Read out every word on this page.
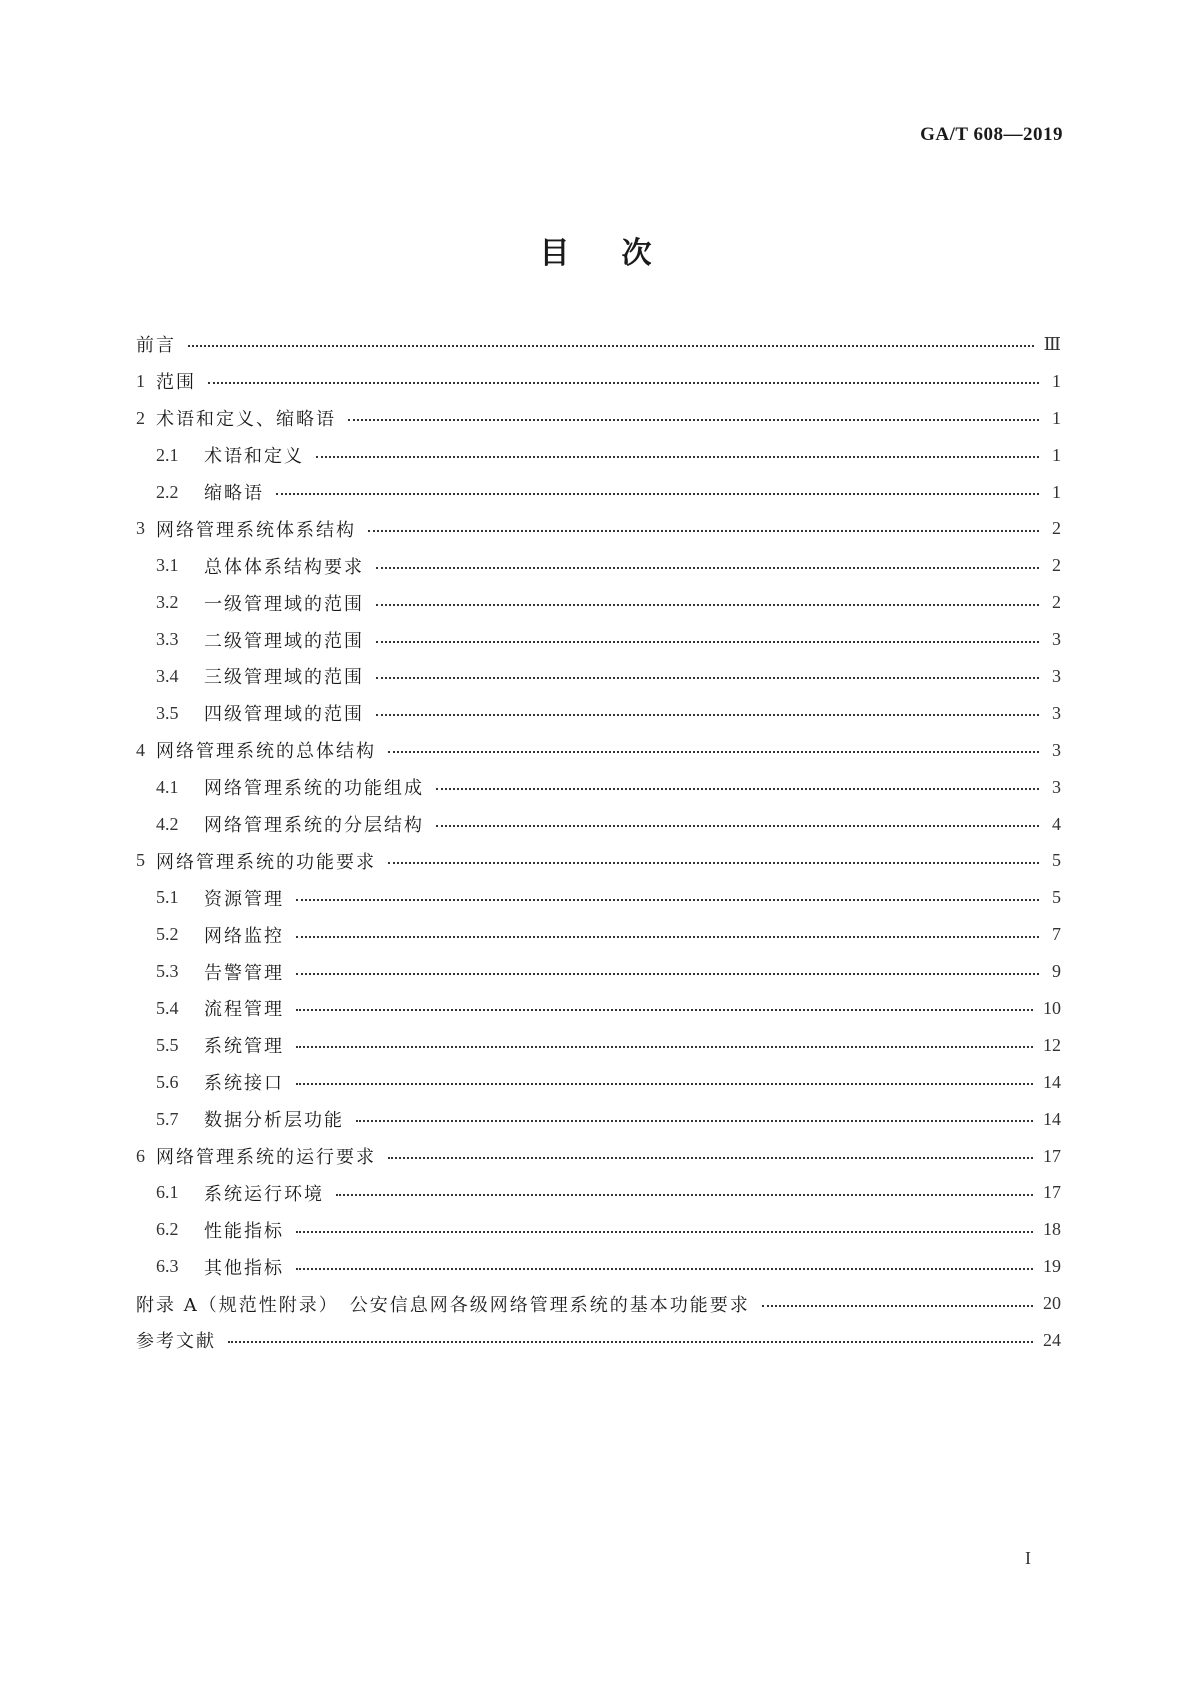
GA/T 608—2019
目次
前言	Ⅲ
1 范围	1
2 术语和定义、缩略语	1
2.1	术语和定义	1
2.2	缩略语	1
3 网络管理系统体系结构	2
3.1	总体体系结构要求	2
3.2	一级管理域的范围	2
3.3	二级管理域的范围	3
3.4	三级管理域的范围	3
3.5	四级管理域的范围	3
4 网络管理系统的总体结构	3
4.1	网络管理系统的功能组成	3
4.2	网络管理系统的分层结构	4
5 网络管理系统的功能要求	5
5.1	资源管理	5
5.2	网络监控	7
5.3	告警管理	9
5.4	流程管理	10
5.5	系统管理	12
5.6	系统接口	14
5.7	数据分析层功能	14
6 网络管理系统的运行要求	17
6.1	系统运行环境	17
6.2	性能指标	18
6.3	其他指标	19
附录 A（规范性附录）　公安信息网各级网络管理系统的基本功能要求	20
参考文献	24
I
